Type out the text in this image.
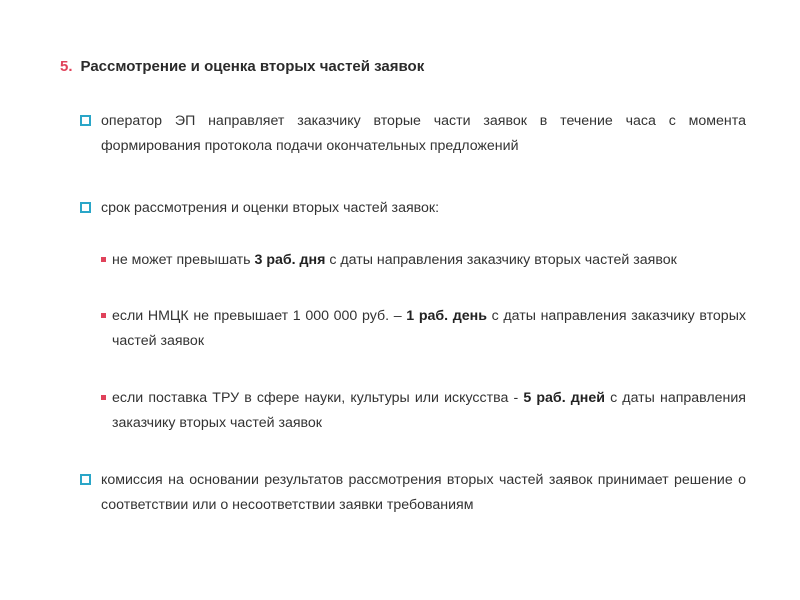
5. Рассмотрение и оценка вторых частей заявок
оператор ЭП направляет заказчику вторые части заявок в течение часа с момента формирования протокола подачи окончательных предложений
срок рассмотрения и оценки вторых частей заявок:
не может превышать 3 раб. дня с даты направления заказчику вторых частей заявок
если НМЦК не превышает 1 000 000 руб. – 1 раб. день с даты направления заказчику вторых частей заявок
если поставка ТРУ в сфере науки, культуры или искусства - 5 раб. дней с даты направления заказчику вторых частей заявок
комиссия на основании результатов рассмотрения вторых частей заявок принимает решение о соответствии или о несоответствии заявки требованиям
